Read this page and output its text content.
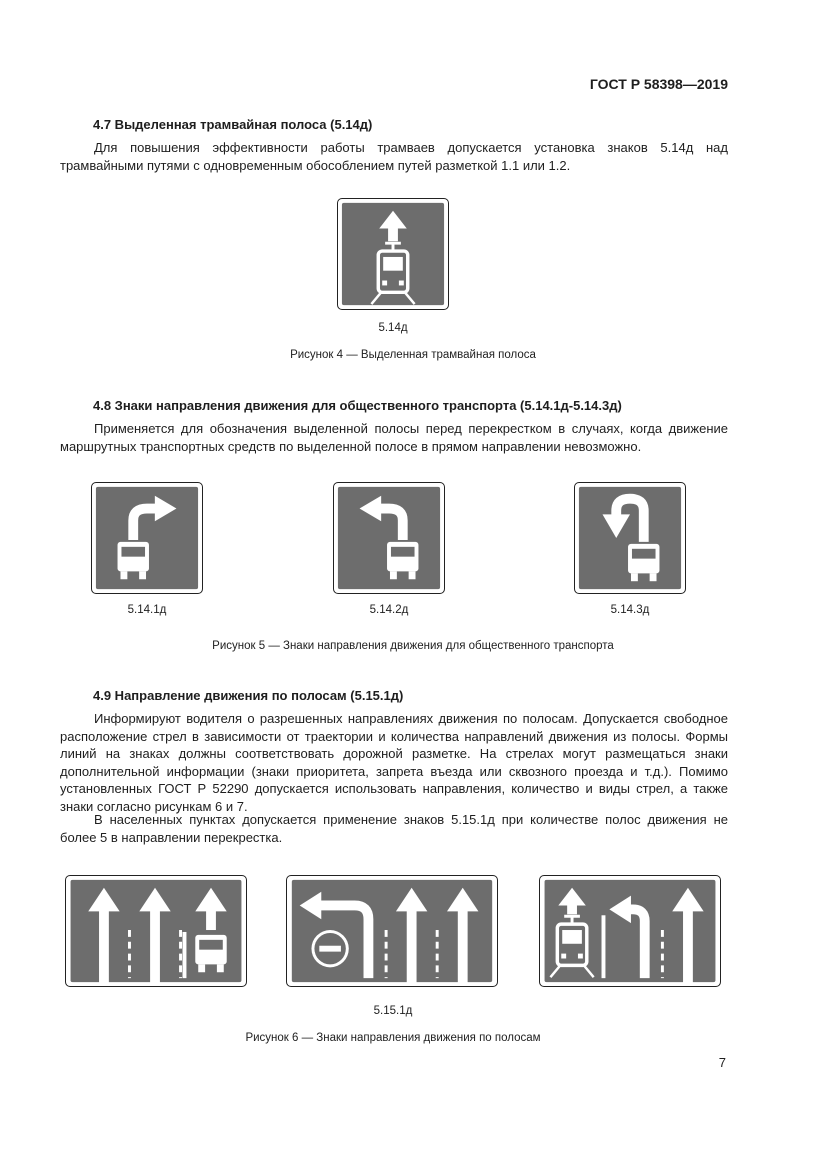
ГОСТ Р 58398—2019
4.7 Выделенная трамвайная полоса (5.14д)

Для повышения эффективности работы трамваев допускается установка знаков 5.14д над трамвайными путями с одновременным обособлением путей разметкой 1.1 или 1.2.

5.14д
Рисунок 4 — Выделенная трамвайная полоса
4.8 Знаки направления движения для общественного транспорта (5.14.1д-5.14.3д)

Применяется для обозначения выделенной полосы перед перекрестком в случаях, когда движение маршрутных транспортных средств по выделенной полосе в прямом направлении невозможно.

5.14.1д	5.14.2д	5.14.3д
Рисунок 5 — Знаки направления движения для общественного транспорта
4.9 Направление движения по полосам (5.15.1д)

Информируют водителя о разрешенных направлениях движения по полосам. Допускается свободное расположение стрел в зависимости от траектории и количества направлений движения из полосы. Формы линий на знаках должны соответствовать дорожной разметке. На стрелах могут размещаться знаки дополнительной информации (знаки приоритета, запрета въезда или сквозного проезда и т.д.). Помимо установленных ГОСТ Р 52290 допускается использовать направления, количество и виды стрел, а также знаки согласно рисункам 6 и 7.

В населенных пунктах допускается применение знаков 5.15.1д при количестве полос движения не более 5 в направлении перекрестка.

5.15.1д
Рисунок 6 — Знаки направления движения по полосам
7
